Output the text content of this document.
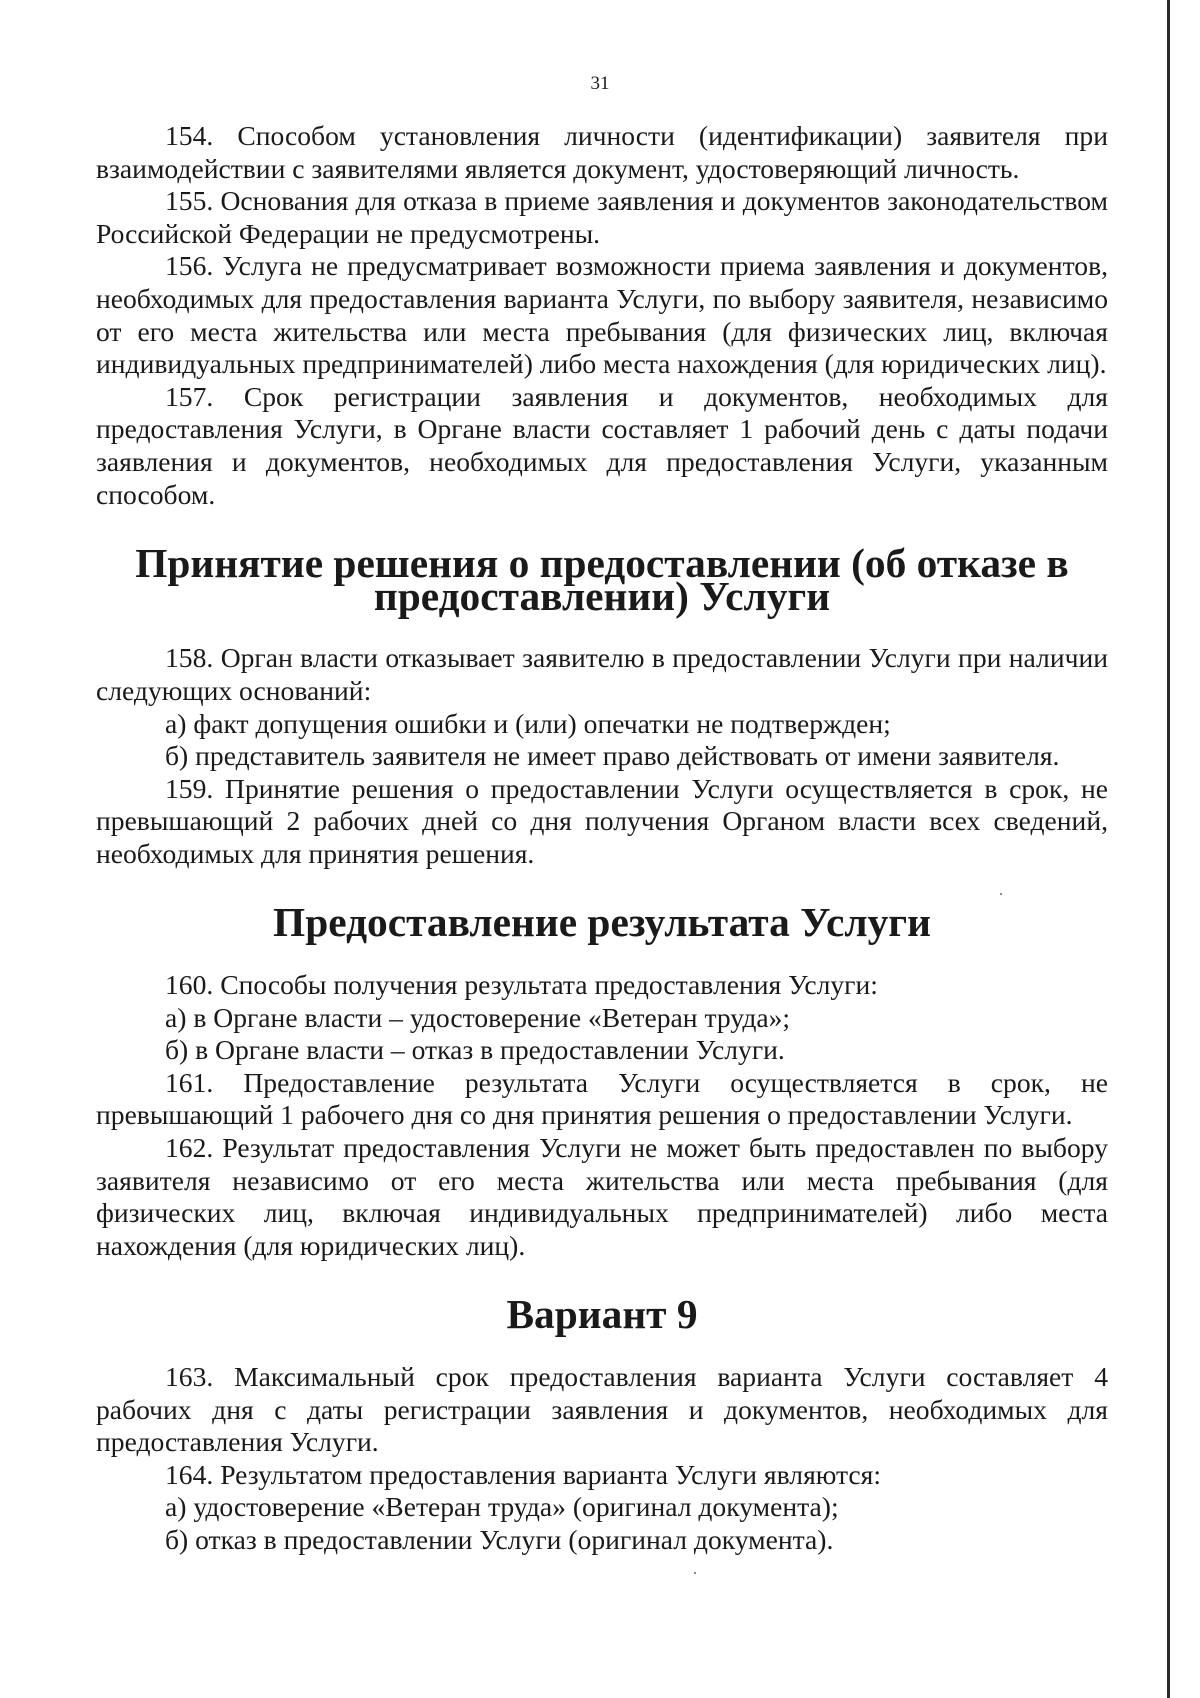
31

154. Способом установления личности (идентификации) заявителя при взаимодействии с заявителями является документ, удостоверяющий личность.

155. Основания для отказа в приеме заявления и документов законодательством Российской Федерации не предусмотрены.

156. Услуга не предусматривает возможности приема заявления и документов, необходимых для предоставления варианта Услуги, по выбору заявителя, независимо от его места жительства или места пребывания (для физических лиц, включая индивидуальных предпринимателей) либо места нахождения (для юридических лиц).

157. Срок регистрации заявления и документов, необходимых для предоставления Услуги, в Органе власти составляет 1 рабочий день с даты подачи заявления и документов, необходимых для предоставления Услуги, указанным способом.

Принятие решения о предоставлении (об отказе в предоставлении) Услуги

158. Орган власти отказывает заявителю в предоставлении Услуги при наличии следующих оснований:

а) факт допущения ошибки и (или) опечатки не подтвержден;

б) представитель заявителя не имеет право действовать от имени заявителя.

159. Принятие решения о предоставлении Услуги осуществляется в срок, не превышающий 2 рабочих дней со дня получения Органом власти всех сведений, необходимых для принятия решения.

Предоставление результата Услуги

160. Способы получения результата предоставления Услуги:

а) в Органе власти – удостоверение «Ветеран труда»;

б) в Органе власти – отказ в предоставлении Услуги.

161. Предоставление результата Услуги осуществляется в срок, не превышающий 1 рабочего дня со дня принятия решения о предоставлении Услуги.

162. Результат предоставления Услуги не может быть предоставлен по выбору заявителя независимо от его места жительства или места пребывания (для физических лиц, включая индивидуальных предпринимателей) либо места нахождения (для юридических лиц).

Вариант 9

163. Максимальный срок предоставления варианта Услуги составляет 4 рабочих дня с даты регистрации заявления и документов, необходимых для предоставления Услуги.

164. Результатом предоставления варианта Услуги являются:

а) удостоверение «Ветеран труда» (оригинал документа);

б) отказ в предоставлении Услуги (оригинал документа).
